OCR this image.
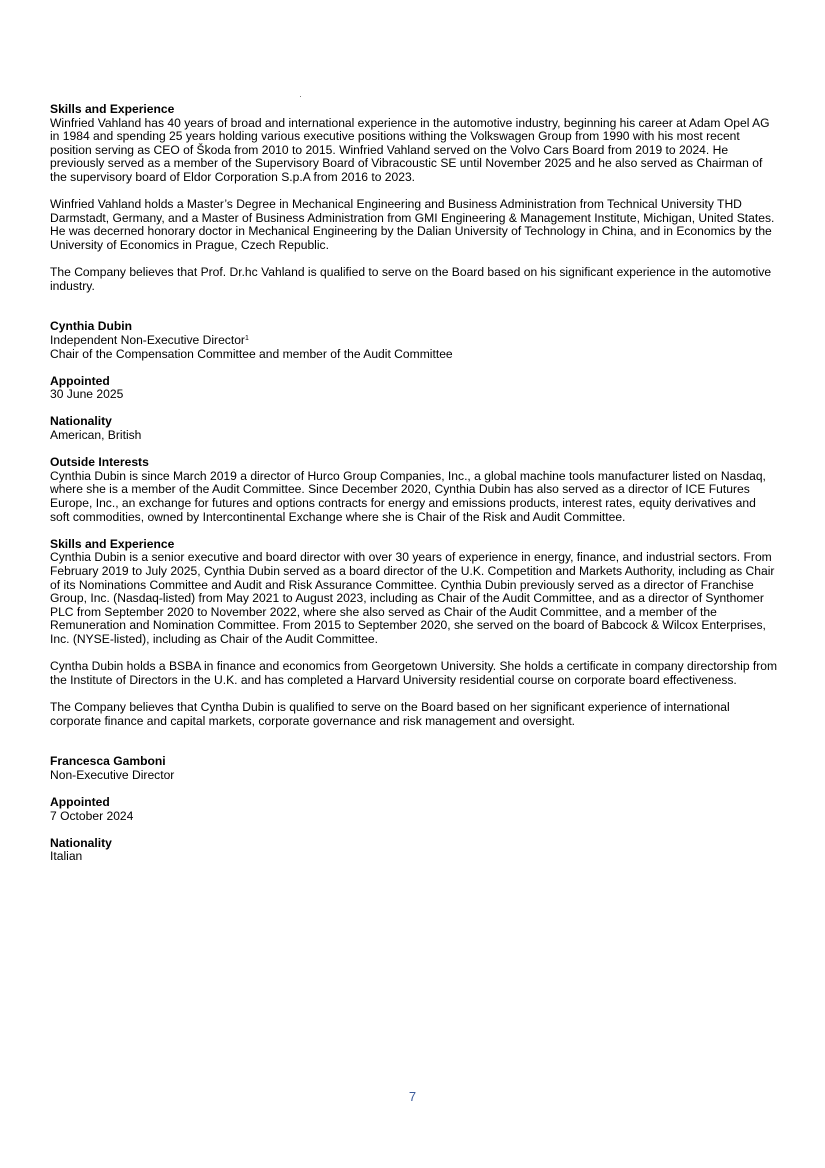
Skills and Experience

Winfried Vahland has 40 years of broad and international experience in the automotive industry, beginning his career at Adam Opel AG in 1984 and spending 25 years holding various executive positions withing the Volkswagen Group from 1990 with his most recent position serving as CEO of Škoda from 2010 to 2015. Winfried Vahland served on the Volvo Cars Board from 2019 to 2024. He previously served as a member of the Supervisory Board of Vibracoustic SE until November 2025 and he also served as Chairman of the supervisory board of Eldor Corporation S.p.A from 2016 to 2023.

Winfried Vahland holds a Master’s Degree in Mechanical Engineering and Business Administration from Technical University THD Darmstadt, Germany, and a Master of Business Administration from GMI Engineering & Management Institute, Michigan, United States. He was decerned honorary doctor in Mechanical Engineering by the Dalian University of Technology in China, and in Economics by the University of Economics in Prague, Czech Republic.

The Company believes that Prof. Dr.hc Vahland is qualified to serve on the Board based on his significant experience in the automotive industry.

Cynthia Dubin

Independent Non-Executive Director$^1$

Chair of the Compensation Committee and member of the Audit Committee

Appointed

30 June 2025

Nationality

American, British

Outside Interests

Cynthia Dubin is since March 2019 a director of Hurco Group Companies, Inc., a global machine tools manufacturer listed on Nasdaq, where she is a member of the Audit Committee. Since December 2020, Cynthia Dubin has also served as a director of ICE Futures Europe, Inc., an exchange for futures and options contracts for energy and emissions products, interest rates, equity derivatives and soft commodities, owned by Intercontinental Exchange where she is Chair of the Risk and Audit Committee.

Skills and Experience

Cynthia Dubin is a senior executive and board director with over 30 years of experience in energy, finance, and industrial sectors. From February 2019 to July 2025, Cynthia Dubin served as a board director of the U.K. Competition and Markets Authority, including as Chair of its Nominations Committee and Audit and Risk Assurance Committee. Cynthia Dubin previously served as a director of Franchise Group, Inc. (Nasdaq-listed) from May 2021 to August 2023, including as Chair of the Audit Committee, and as a director of Synthomer PLC from September 2020 to November 2022, where she also served as Chair of the Audit Committee, and a member of the Remuneration and Nomination Committee. From 2015 to September 2020, she served on the board of Babcock & Wilcox Enterprises, Inc. (NYSE-listed), including as Chair of the Audit Committee.

Cyntha Dubin holds a BSBA in finance and economics from Georgetown University. She holds a certificate in company directorship from the Institute of Directors in the U.K. and has completed a Harvard University residential course on corporate board effectiveness.

The Company believes that Cyntha Dubin is qualified to serve on the Board based on her significant experience of international corporate finance and capital markets, corporate governance and risk management and oversight.

Francesca Gamboni

Non-Executive Director

Appointed

7 October 2024

Nationality

Italian

7
